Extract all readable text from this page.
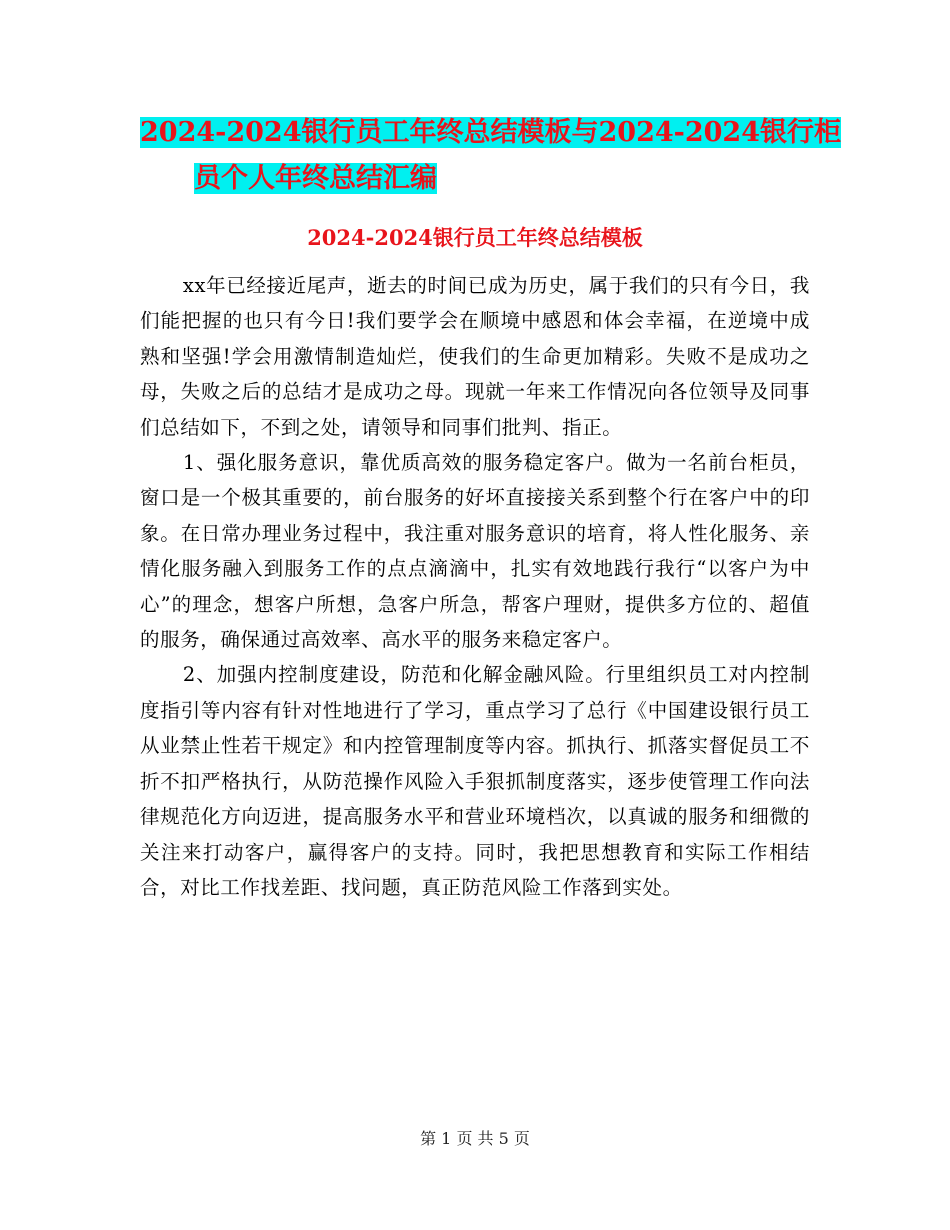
2024-2024银行员工年终总结模板与2024-2024银行柜
员个人年终总结汇编
2024-2024银行员工年终总结模板

xx年已经接近尾声，逝去的时间已成为历史，属于我们的只有今日，我们能把握的也只有今日!我们要学会在顺境中感恩和体会幸福，在逆境中成熟和坚强!学会用激情制造灿烂，使我们的生命更加精彩。失败不是成功之母，失败之后的总结才是成功之母。现就一年来工作情况向各位领导及同事们总结如下，不到之处，请领导和同事们批判、指正。

1、强化服务意识，靠优质高效的服务稳定客户。做为一名前台柜员，窗口是一个极其重要的，前台服务的好坏直接接关系到整个行在客户中的印象。在日常办理业务过程中，我注重对服务意识的培育，将人性化服务、亲情化服务融入到服务工作的点点滴滴中，扎实有效地践行我行“以客户为中心”的理念，想客户所想，急客户所急，帮客户理财，提供多方位的、超值的服务，确保通过高效率、高水平的服务来稳定客户。

2、加强内控制度建设，防范和化解金融风险。行里组织员工对内控制度指引等内容有针对性地进行了学习，重点学习了总行《中国建设银行员工从业禁止性若干规定》和内控管理制度等内容。抓执行、抓落实督促员工不折不扣严格执行，从防范操作风险入手狠抓制度落实，逐步使管理工作向法律规范化方向迈进，提高服务水平和营业环境档次，以真诚的服务和细微的关注来打动客户，赢得客户的支持。同时，我把思想教育和实际工作相结合，对比工作找差距、找问题，真正防范风险工作落到实处。

第 1 页 共 5 页
